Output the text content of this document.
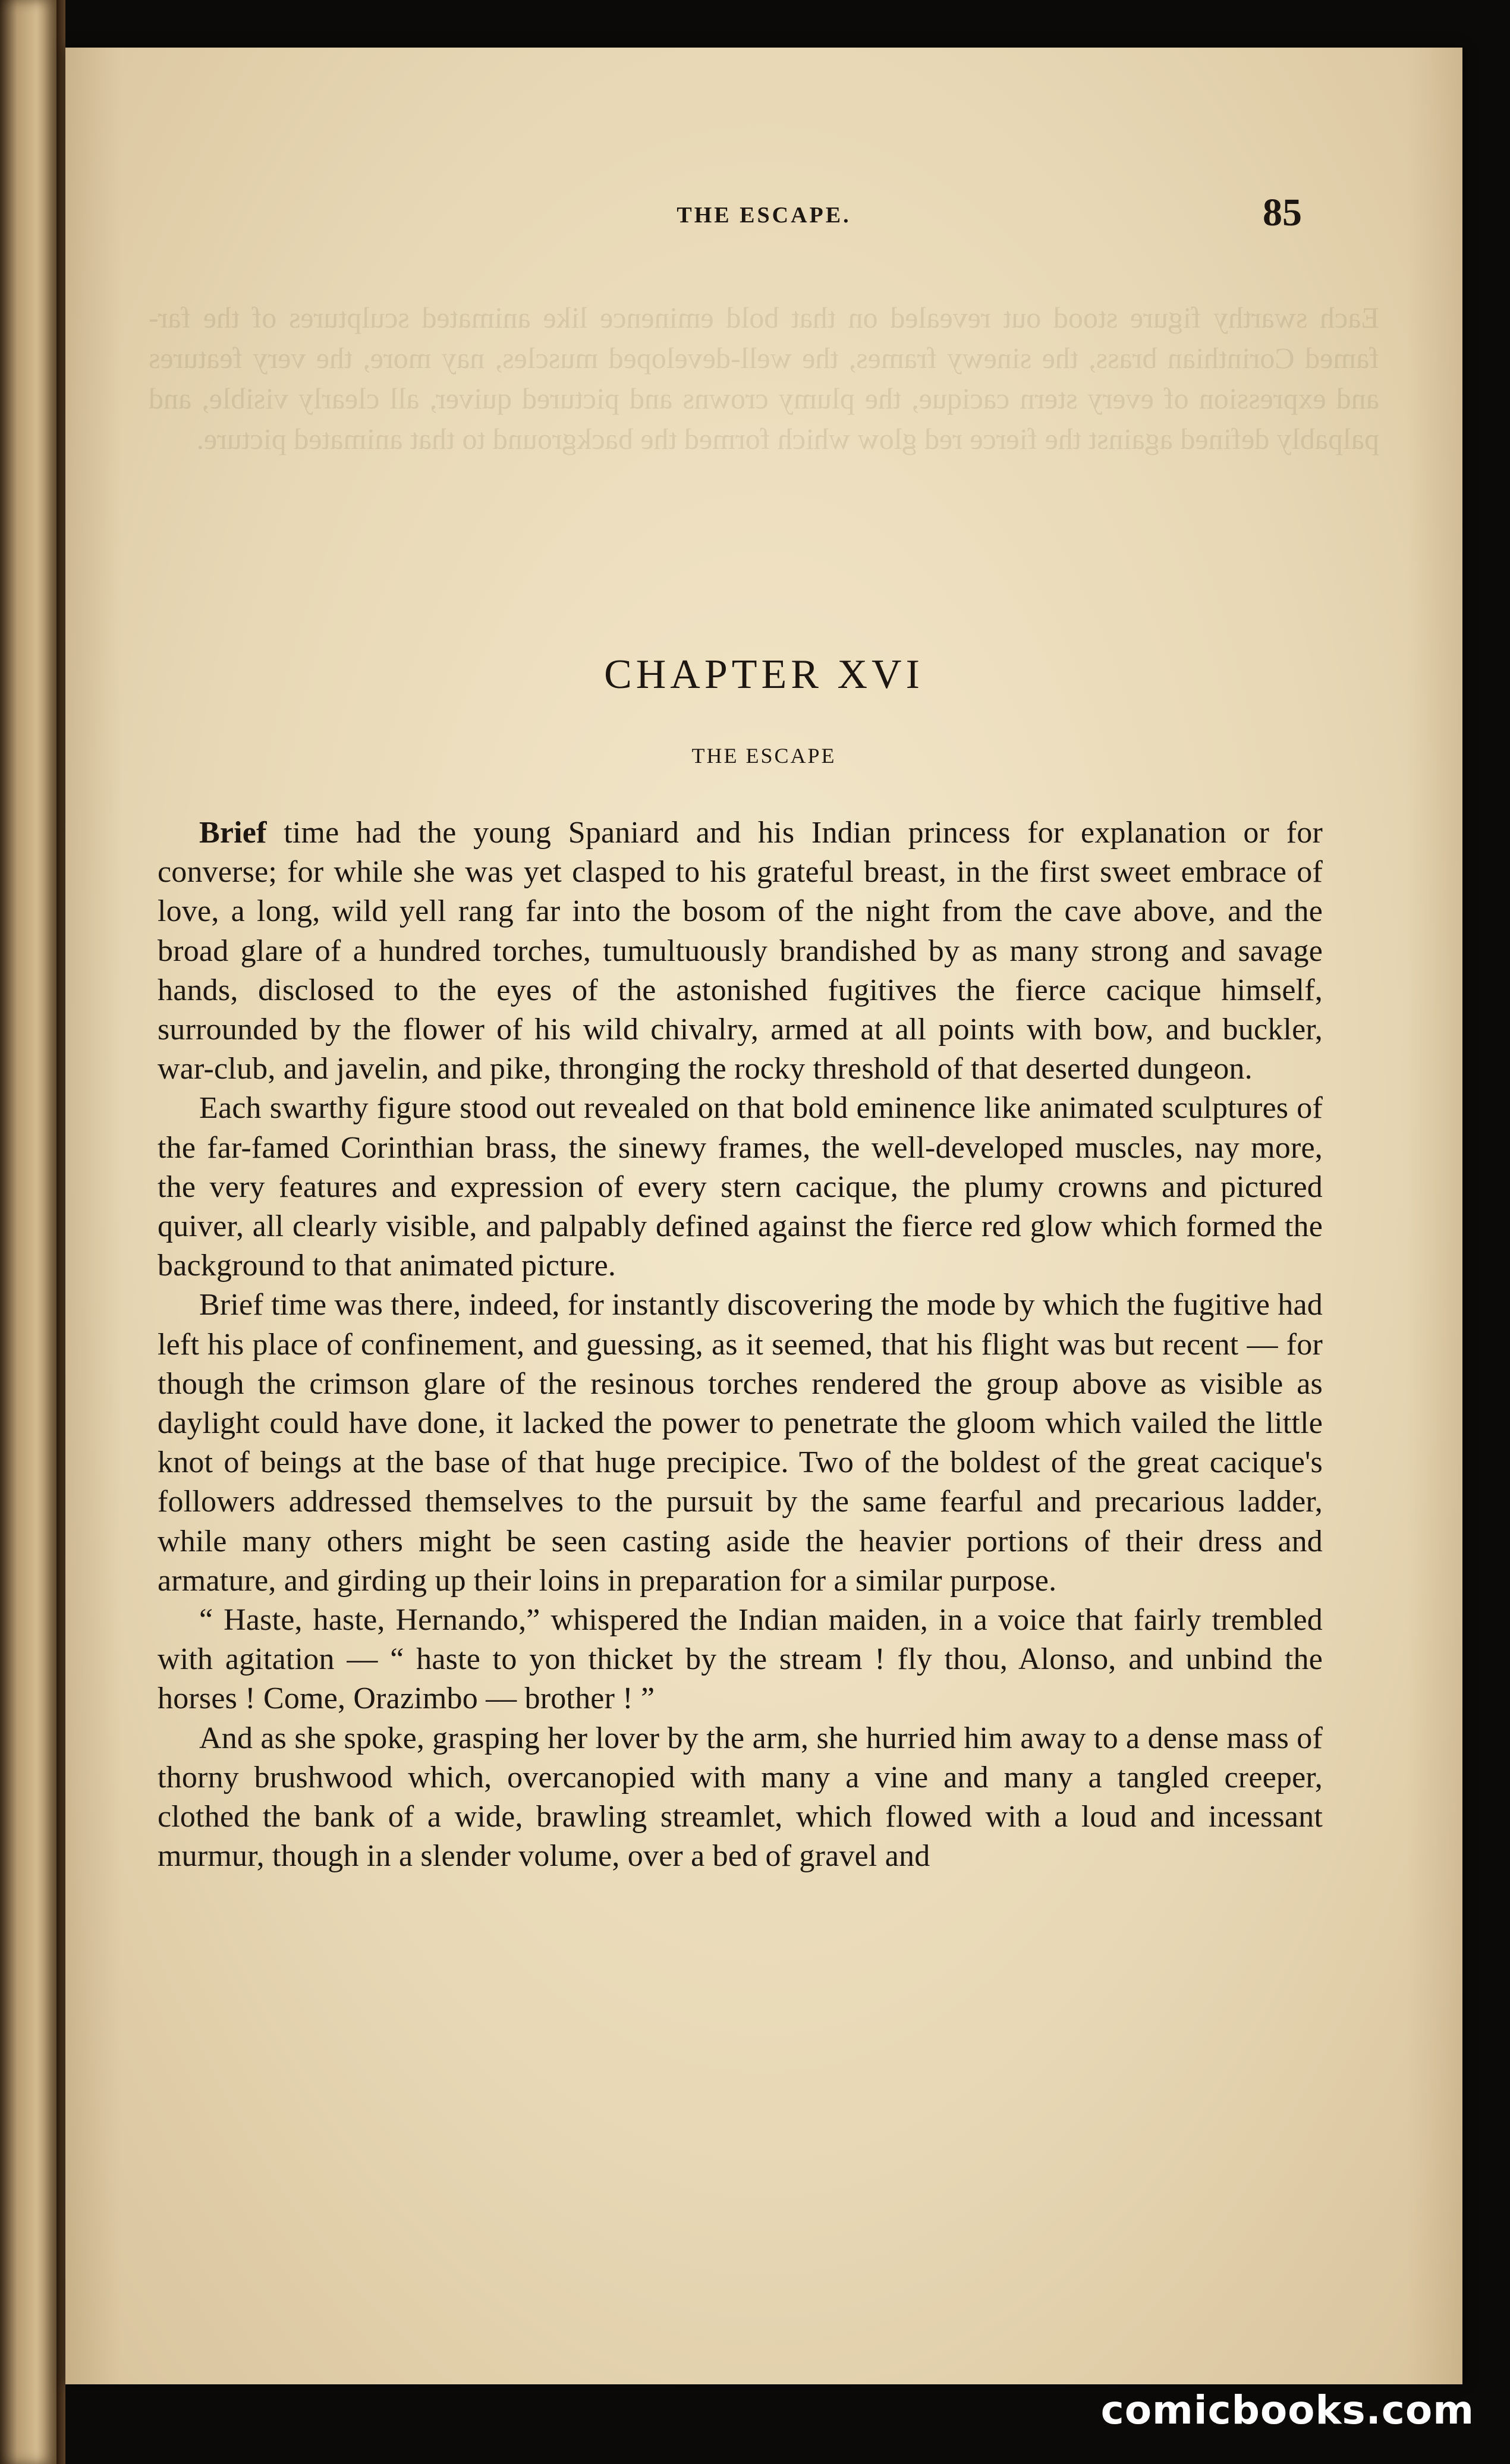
THE ESCAPE.	85
Each swarthy figure stood out revealed on that bold eminence like animated sculptures of the far-famed Corinthian brass, the sinewy frames, the well-developed muscles, nay more, the very features and expression of every stern cacique, the plumy crowns and pictured quiver, all clearly visible, and palpably defined against the fierce red glow which formed the background to that animated picture.
CHAPTER XVI
THE ESCAPE

Brief time had the young Spaniard and his Indian princess for explanation or for converse; for while she was yet clasped to his grateful breast, in the first sweet embrace of love, a long, wild yell rang far into the bosom of the night from the cave above, and the broad glare of a hundred torches, tumultuously brandished by as many strong and savage hands, disclosed to the eyes of the astonished fugitives the fierce cacique himself, surrounded by the flower of his wild chivalry, armed at all points with bow, and buckler, war-club, and javelin, and pike, thronging the rocky threshold of that deserted dungeon.

Each swarthy figure stood out revealed on that bold eminence like animated sculptures of the far-famed Corinthian brass, the sinewy frames, the well-developed muscles, nay more, the very features and expression of every stern cacique, the plumy crowns and pictured quiver, all clearly visible, and palpably defined against the fierce red glow which formed the background to that animated picture.

Brief time was there, indeed, for instantly discovering the mode by which the fugitive had left his place of confinement, and guessing, as it seemed, that his flight was but recent — for though the crimson glare of the resinous torches rendered the group above as visible as daylight could have done, it lacked the power to penetrate the gloom which vailed the little knot of beings at the base of that huge precipice. Two of the boldest of the great cacique's followers addressed themselves to the pursuit by the same fearful and precarious ladder, while many others might be seen casting aside the heavier portions of their dress and armature, and girding up their loins in preparation for a similar purpose.

“ Haste, haste, Hernando,” whispered the Indian maiden, in a voice that fairly trembled with agitation — “ haste to yon thicket by the stream ! fly thou, Alonso, and unbind the horses ! Come, Orazimbo — brother ! ”

And as she spoke, grasping her lover by the arm, she hurried him away to a dense mass of thorny brushwood which, overcanopied with many a vine and many a tangled creeper, clothed the bank of a wide, brawling streamlet, which flowed with a loud and incessant murmur, though in a slender volume, over a bed of gravel and

comicbooks.com
